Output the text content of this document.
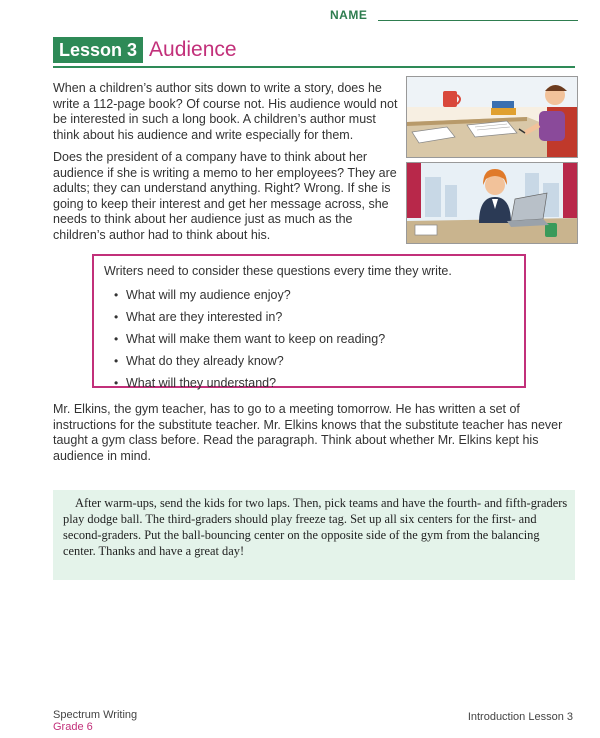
NAME
Lesson 3 Audience

When a children’s author sits down to write a story, does he write a 112-page book? Of course not. His audience would not be interested in such a long book. A children’s author must think about his audience and write especially for them.

Does the president of a company have to think about her audience if she is writing a memo to her employees? They are adults; they can understand anything. Right? Wrong. If she is going to keep their interest and get her message across, she needs to think about her audience just as much as the children’s author had to think about his.

Writers need to consider these questions every time they write.

• What will my audience enjoy?
• What are they interested in?
• What will make them want to keep on reading?
• What do they already know?
• What will they understand?

Mr. Elkins, the gym teacher, has to go to a meeting tomorrow. He has written a set of instructions for the substitute teacher. Mr. Elkins knows that the substitute teacher has never taught a gym class before. Read the paragraph. Think about whether Mr. Elkins kept his audience in mind.

After warm-ups, send the kids for two laps. Then, pick teams and have the fourth- and fifth-graders play dodge ball. The third-graders should play freeze tag. Set up all six centers for the first- and second-graders. Put the ball-bouncing center on the opposite side of the gym from the balancing center. Thanks and have a great day!

Spectrum Writing
Grade 6
Introduction Lesson 3
